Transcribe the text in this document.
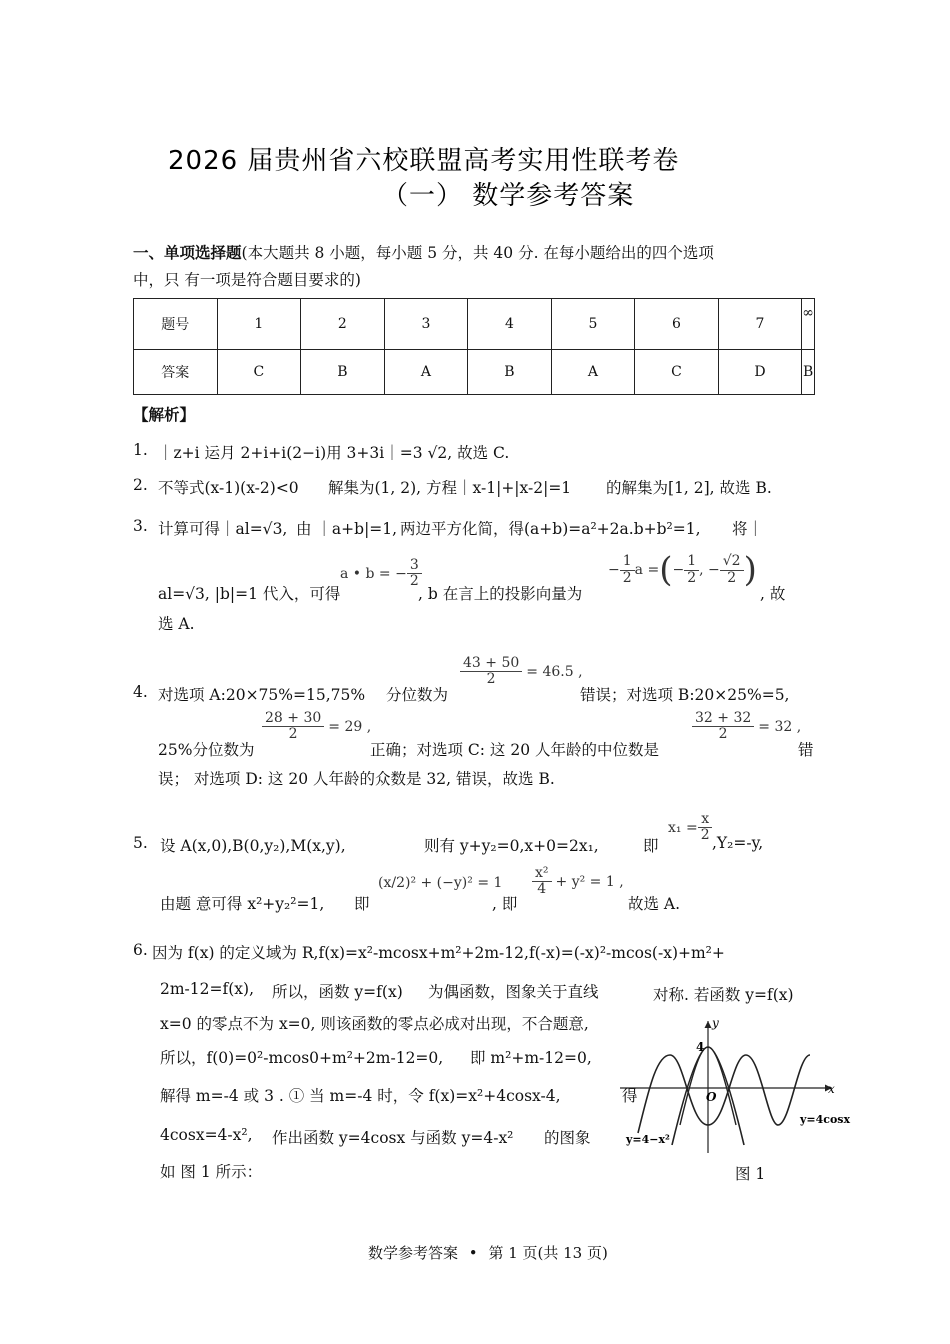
2026 届贵州省六校联盟高考实用性联考卷
（一） 数学参考答案
一、单项选择题(本大题共 8 小题，每小题 5 分，共 40 分. 在每小题给出的四个选项
中，只 有一项是符合题目要求的)
题号	1	2	3	4	5	6	7	∞
答案	C	B	A	B	A	C	D	B
【解析】
1. ｜z+i 运月 2+i+i(2−i)用 3+3i｜=3 √2, 故选 C.
2. 不等式(x-1)(x-2)<0 解集为(1, 2), 方程｜x-1|+|x-2|=1 的解集为[1, 2], 故选 B.
3. 计算可得｜al=√3, 由 ｜a+b|=1, 两边平方化简，得(a+b)=a²+2a.b+b²=1, 将｜
al=√3, |b|=1 代入，可得
a • b = − $\frac{3}{2}$
, b 在言上的投影向量为
− $\frac{1}{2}$ a = ( − $\frac{1}{2}$ , − $\frac{√2}{2}$ )
, 故
选 A.
4. 对选项 A:20×75%=15,75% 分位数为
$\frac{43 + 50}{2} = 46.5$ ,
错误；对选项 B:20×25%=5,
25%分位数为
$\frac{28 + 30}{2} = 29$ ,
正确；对选项 C: 这 20 人年龄的中位数是
$\frac{32 + 32}{2} = 32$ ,
错
误； 对选项 D: 这 20 人年龄的众数是 32, 错误，故选 B.
5. 设 A(x,0),B(0,y₂),M(x,y),	则有 y+y₂=0,x+0=2x₁,	即
$x_1 = \frac{x}{2} ,Y_2=-y$,
由题 意可得 x²+y₂²=1, 即
(x/2)² + (−y)² = 1
, 即
$\frac{\text{x²}}{4} + y^2 = 1$ ,
故选 A.
6. 因为 f(x) 的定义域为 R,f(x)=x²-mcosx+m²+2m-12,f(-x)=(-x)²-mcos(-x)+m²+
2m-12=f(x), 所以，函数 y=f(x) 为偶函数，图象关于直线	对称. 若函数 y=f(x)
x=0 的零点不为 x=0, 则该函数的零点必成对出现，不合题意,
所以，f(0)=0²-mcos0+m²+2m-12=0, 即 m²+m-12=0,
解得 m=-4 或 3 . ① 当 m=-4 时，令 f(x)=x²+4cosx-4,	得
4cosx=4-x², 作出函数 y=4cosx 与函数 y=4-x² 的图象
如 图 1 所示：
y
x
4
O
y=4cosx
y=4−x²
图 1
数学参考答案 • 第 1 页(共 13 页)
